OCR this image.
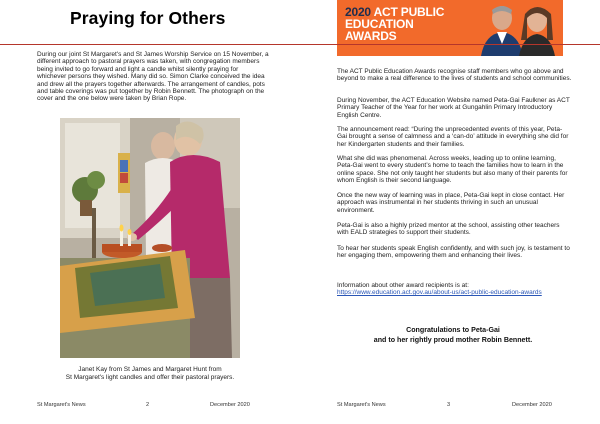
Praying for Others
During our joint St Margaret's and St James Worship Service on 15 November, a different approach to pastoral prayers was taken, with congregation members being invited to go forward and light a candle whilst silently praying for whichever persons they wished. Many did so. Simon Clarke conceived the idea and drew all the prayers together afterwards. The arrangement of candles, pots and table coverings was put together by Robin Bennett. The photograph on the cover and the one below were taken by Brian Rope.
Janet Kay from St James and Margaret Hunt from
St Margaret's light candles and offer their pastoral prayers.
St Margaret's News	2	December 2020
2020 ACT PUBLIC
EDUCATION
AWARDS
The ACT Public Education Awards recognise staff members who go above and beyond to make a real difference to the lives of students and school communities.
During November, the ACT Education Website named Peta-Gai Faulkner as ACT Primary Teacher of the Year for her work at Gungahlin Primary Introductory English Centre.
The announcement read: “During the unprecedented events of this year, Peta-Gai brought a sense of calmness and a ‘can-do’ attitude in everything she did for her Kindergarten students and their families.
What she did was phenomenal. Across weeks, leading up to online learning, Peta-Gai went to every student’s home to teach the families how to learn in the online space. She not only taught her students but also many of their parents for whom English is their second language.
Once the new way of learning was in place, Peta-Gai kept in close contact. Her approach was instrumental in her students thriving in such an unusual environment.
Peta-Gai is also a highly prized mentor at the school, assisting other teachers with EALD strategies to support their students.
To hear her students speak English confidently, and with such joy, is testament to her engaging them, empowering them and enhancing their lives.
Information about other award recipients is at: https://www.education.act.gov.au/about-us/act-public-education-awards
Congratulations to Peta-Gai
and to her rightly proud mother Robin Bennett.
St Margaret's News	3	December 2020
